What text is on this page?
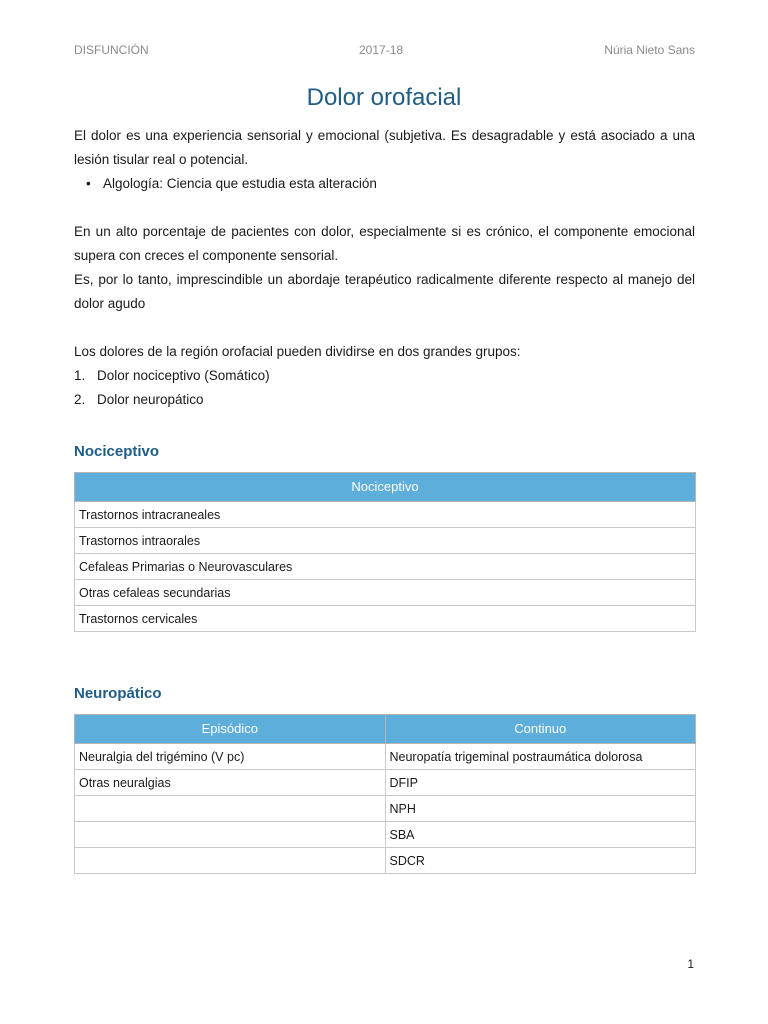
DISFUNCIÓN	2017-18	Núria Nieto Sans
Dolor orofacial

El dolor es una experiencia sensorial y emocional (subjetiva. Es desagradable y está asociado a una lesión tisular real o potencial.

• Algología: Ciencia que estudia esta alteración

En un alto porcentaje de pacientes con dolor, especialmente si es crónico, el componente emocional supera con creces el componente sensorial.

Es, por lo tanto, imprescindible un abordaje terapéutico radicalmente diferente respecto al manejo del dolor agudo

Los dolores de la región orofacial pueden dividirse en dos grandes grupos:

1. Dolor nociceptivo (Somático)
2. Dolor neuropático
Nociceptivo
Nociceptivo
Trastornos intracraneales
Trastornos intraorales
Cefaleas Primarias o Neurovasculares
Otras cefaleas secundarias
Trastornos cervicales
Neuropático
Episódico	Continuo
Neuralgia del trigémino (V pc)	Neuropatía trigeminal postraumática dolorosa
Otras neuralgias	DFIP
	NPH
	SBA
	SDCR
1
